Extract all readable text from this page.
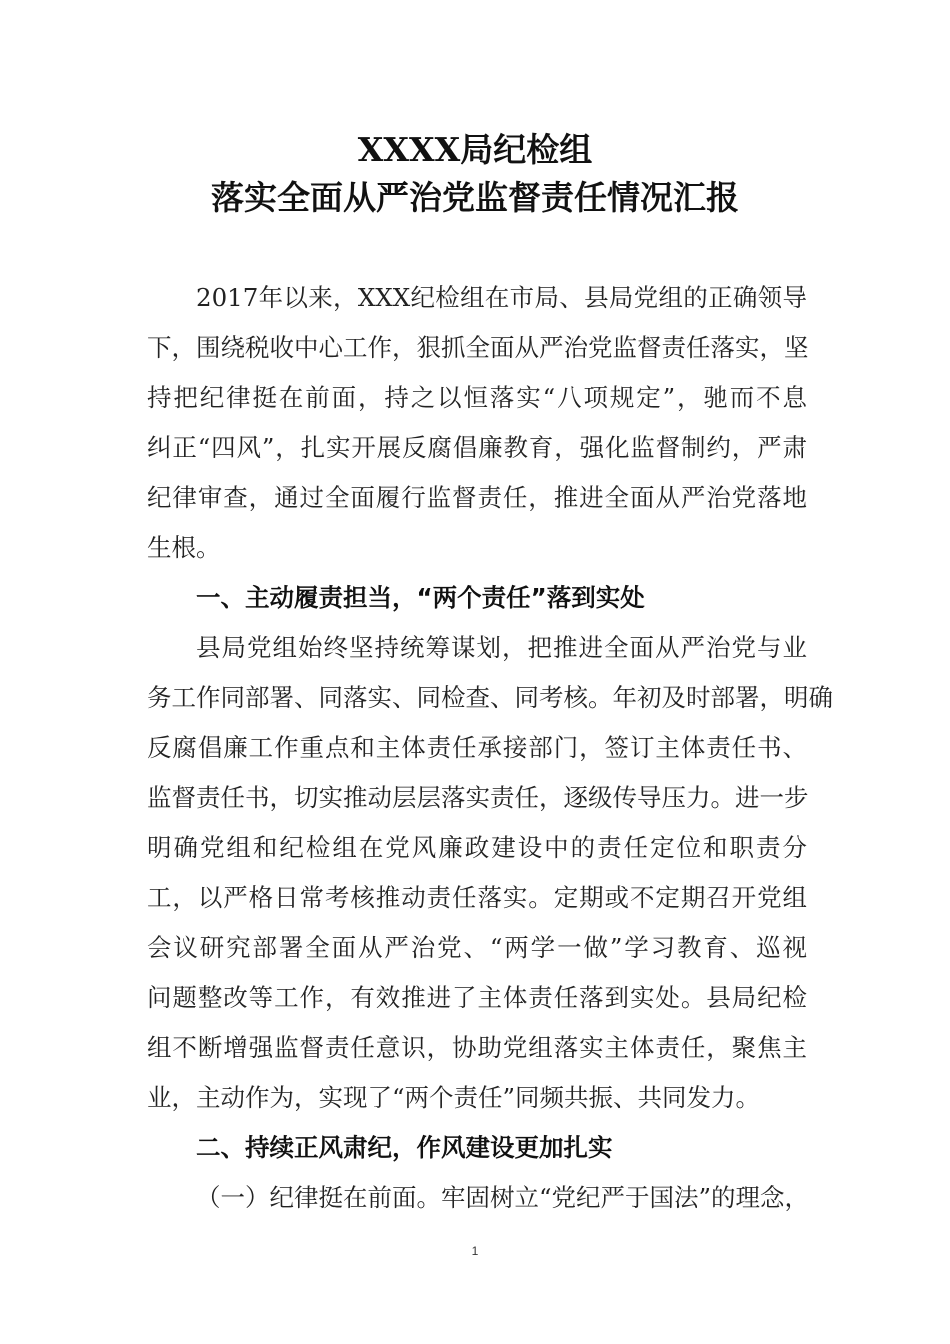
XXXX局纪检组
落实全面从严治党监督责任情况汇报
2017年以来，XXX纪检组在市局、县局党组的正确领导
下，围绕税收中心工作，狠抓全面从严治党监督责任落实，坚
持把纪律挺在前面，持之以恒落实“八项规定”，驰而不息
纠正“四风”，扎实开展反腐倡廉教育，强化监督制约，严肃
纪律审查，通过全面履行监督责任，推进全面从严治党落地
生根。
一、主动履责担当，“两个责任”落到实处
县局党组始终坚持统筹谋划，把推进全面从严治党与业
务工作同部署、同落实、同检查、同考核。年初及时部署，明确
反腐倡廉工作重点和主体责任承接部门，签订主体责任书、
监督责任书，切实推动层层落实责任，逐级传导压力。进一步
明确党组和纪检组在党风廉政建设中的责任定位和职责分
工，以严格日常考核推动责任落实。定期或不定期召开党组
会议研究部署全面从严治党、“两学一做”学习教育、巡视
问题整改等工作，有效推进了主体责任落到实处。县局纪检
组不断增强监督责任意识，协助党组落实主体责任，聚焦主
业，主动作为，实现了“两个责任”同频共振、共同发力。
二、持续正风肃纪，作风建设更加扎实
（一）纪律挺在前面。牢固树立“党纪严于国法”的理念，
1
